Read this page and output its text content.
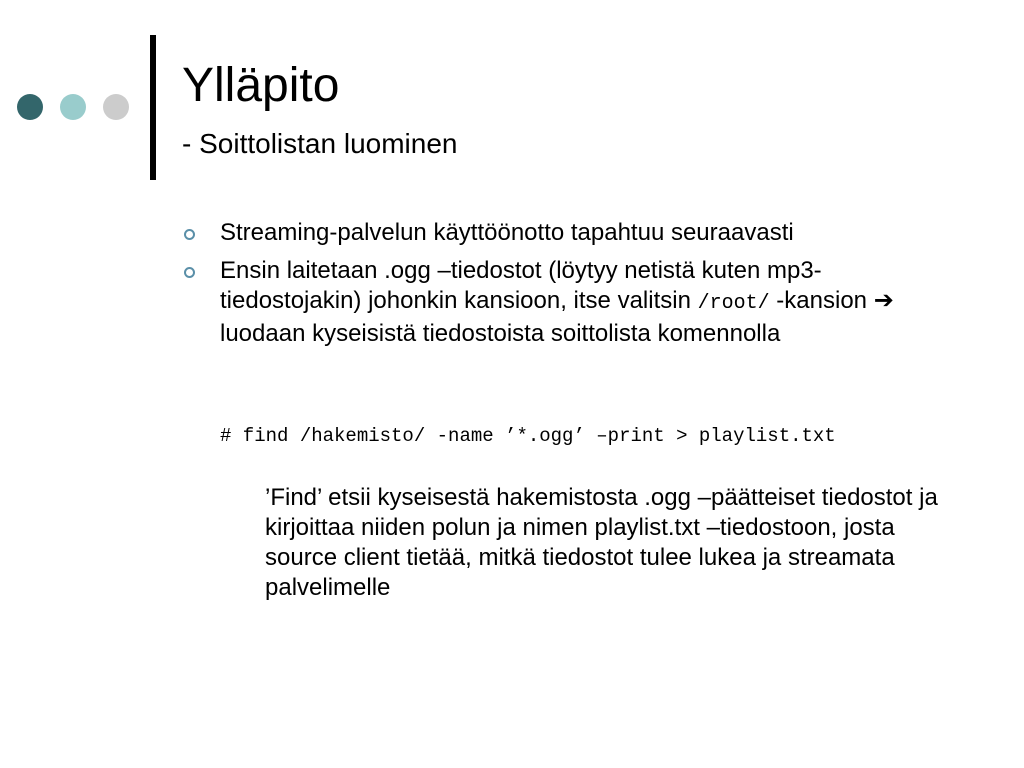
Ylläpito
- Soittolistan luominen
Streaming-palvelun käyttöönotto tapahtuu seuraavasti
Ensin laitetaan .ogg –tiedostot (löytyy netistä kuten mp3-tiedostojakin) johonkin kansioon, itse valitsin /root/ -kansion ➔ luodaan kyseisistä tiedostoista soittolista komennolla

# find /hakemisto/ -name ’*.ogg’ –print > playlist.txt

’Find’ etsii kyseisestä hakemistosta .ogg –päätteiset tiedostot ja kirjoittaa niiden polun ja nimen playlist.txt –tiedostoon, josta source client tietää, mitkä tiedostot tulee lukea ja streamata palvelimelle
